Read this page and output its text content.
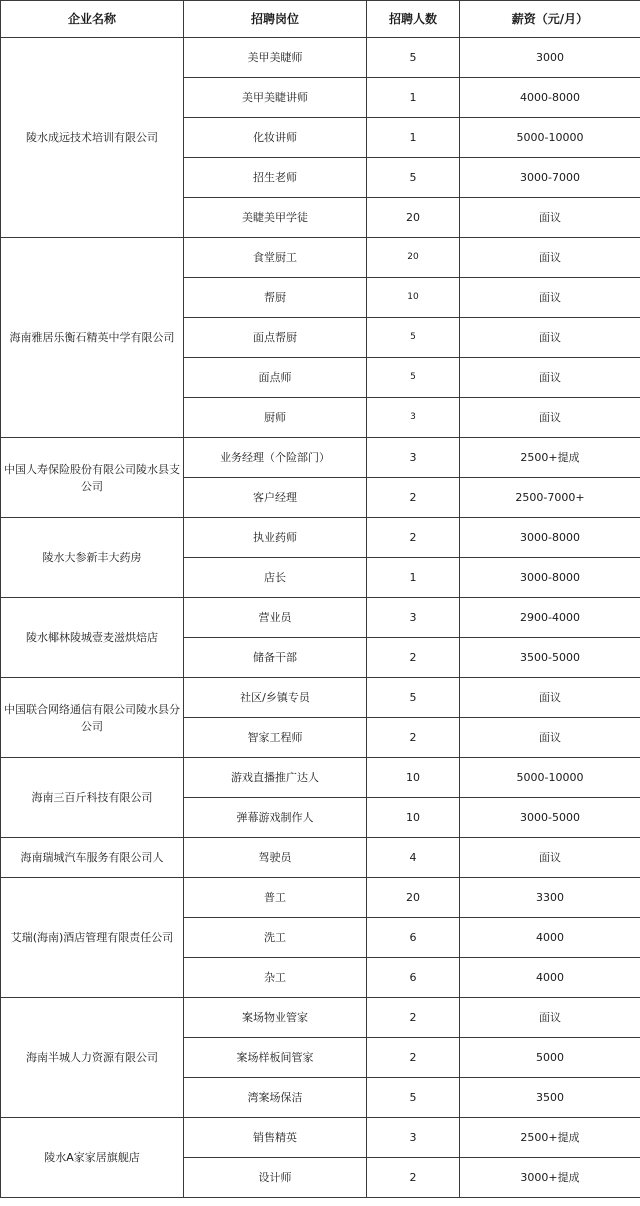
企业名称	招聘岗位	招聘人数	薪资（元/月）
陵水成远技术培训有限公司	美甲美睫师	5	3000
	美甲美睫讲师	1	4000-8000
	化妆讲师	1	5000-10000
	招生老师	5	3000-7000
	美睫美甲学徒	20	面议
海南雅居乐衡石精英中学有限公司	食堂厨工	20	面议
	帮厨	10	面议
	面点帮厨	5	面议
	面点师	5	面议
	厨师	3	面议
中国人寿保险股份有限公司陵水县支公司	业务经理（个险部门）	3	2500+提成
	客户经理	2	2500-7000+
陵水大参新丰大药房	执业药师	2	3000-8000
	店长	1	3000-8000
陵水椰林陵城壹麦滋烘焙店	营业员	3	2900-4000
	储备干部	2	3500-5000
中国联合网络通信有限公司陵水县分公司	社区/乡镇专员	5	面议
	智家工程师	2	面议
海南三百斤科技有限公司	游戏直播推广达人	10	5000-10000
	弹幕游戏制作人	10	3000-5000
海南瑞城汽车服务有限公司人	驾驶员	4	面议
艾瑞(海南)酒店管理有限责任公司	普工	20	3300
	洗工	6	4000
	杂工	6	4000
海南半城人力资源有限公司	案场物业管家	2	面议
	案场样板间管家	2	5000
	湾案场保洁	5	3500
陵水A家家居旗舰店	销售精英	3	2500+提成
	设计师	2	3000+提成
